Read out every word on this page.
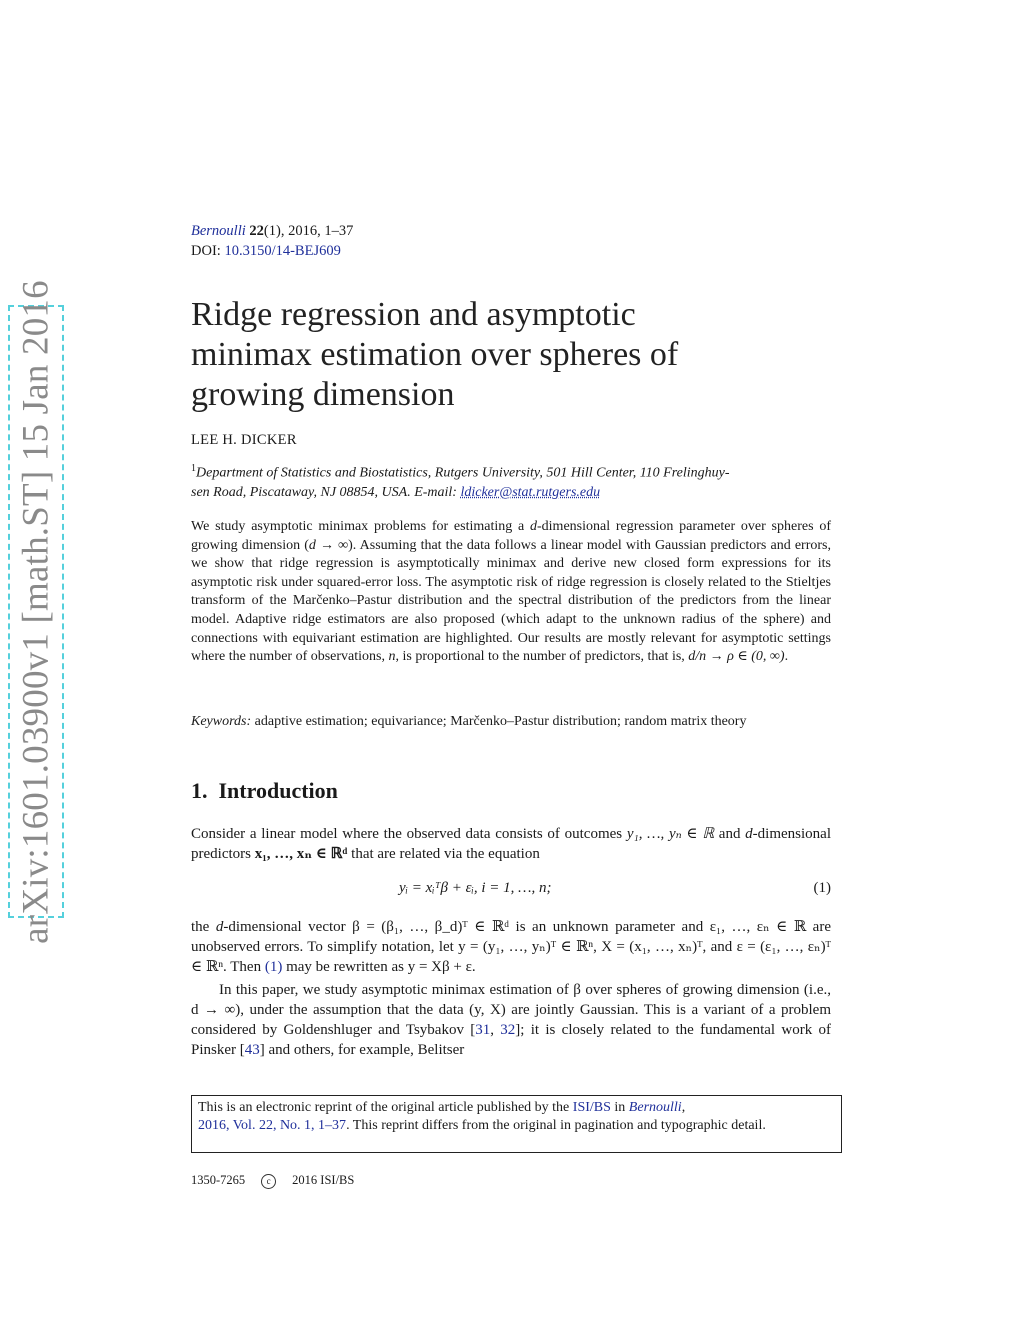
arXiv:1601.03900v1 [math.ST] 15 Jan 2016
Bernoulli 22(1), 2016, 1–37
DOI: 10.3150/14-BEJ609
Ridge regression and asymptotic
minimax estimation over spheres of
growing dimension
LEE H. DICKER
$^1$Department of Statistics and Biostatistics, Rutgers University, 501 Hill Center, 110 Frelinghuy-
sen Road, Piscataway, NJ 08854, USA. E-mail: ldicker@stat.rutgers.edu
We study asymptotic minimax problems for estimating a d-dimensional regression parameter over spheres of growing dimension (d → ∞). Assuming that the data follows a linear model with Gaussian predictors and errors, we show that ridge regression is asymptotically minimax and derive new closed form expressions for its asymptotic risk under squared-error loss. The asymptotic risk of ridge regression is closely related to the Stieltjes transform of the Marčenko–Pastur distribution and the spectral distribution of the predictors from the linear model. Adaptive ridge estimators are also proposed (which adapt to the unknown radius of the sphere) and connections with equivariant estimation are highlighted. Our results are mostly relevant for asymptotic settings where the number of observations, n, is proportional to the number of predictors, that is, d/n → ρ ∈ (0, ∞).
Keywords: adaptive estimation; equivariance; Marčenko–Pastur distribution; random matrix theory
1. Introduction
Consider a linear model where the observed data consists of outcomes y₁, …, yₙ ∈ ℝ and d-dimensional predictors x₁, …, xₙ ∈ ℝᵈ that are related via the equation
yᵢ = xᵢᵀβ + εᵢ, i = 1, …, n;	(1)
the d-dimensional vector β = (β₁, …, β_d)ᵀ ∈ ℝᵈ is an unknown parameter and ε₁, …, εₙ ∈ ℝ are unobserved errors. To simplify notation, let y = (y₁, …, yₙ)ᵀ ∈ ℝⁿ, X = (x₁, …, xₙ)ᵀ, and ε = (ε₁, …, εₙ)ᵀ ∈ ℝⁿ. Then (1) may be rewritten as y = Xβ + ε.
In this paper, we study asymptotic minimax estimation of β over spheres of growing dimension (i.e., d → ∞), under the assumption that the data (y, X) are jointly Gaussian. This is a variant of a problem considered by Goldenshluger and Tsybakov [31, 32]; it is closely related to the fundamental work of Pinsker [43] and others, for example, Belitser
This is an electronic reprint of the original article published by the ISI/BS in Bernoulli,
2016, Vol. 22, No. 1, 1–37. This reprint differs from the original in pagination and typographic detail.
1350-7265 c 2016 ISI/BS
